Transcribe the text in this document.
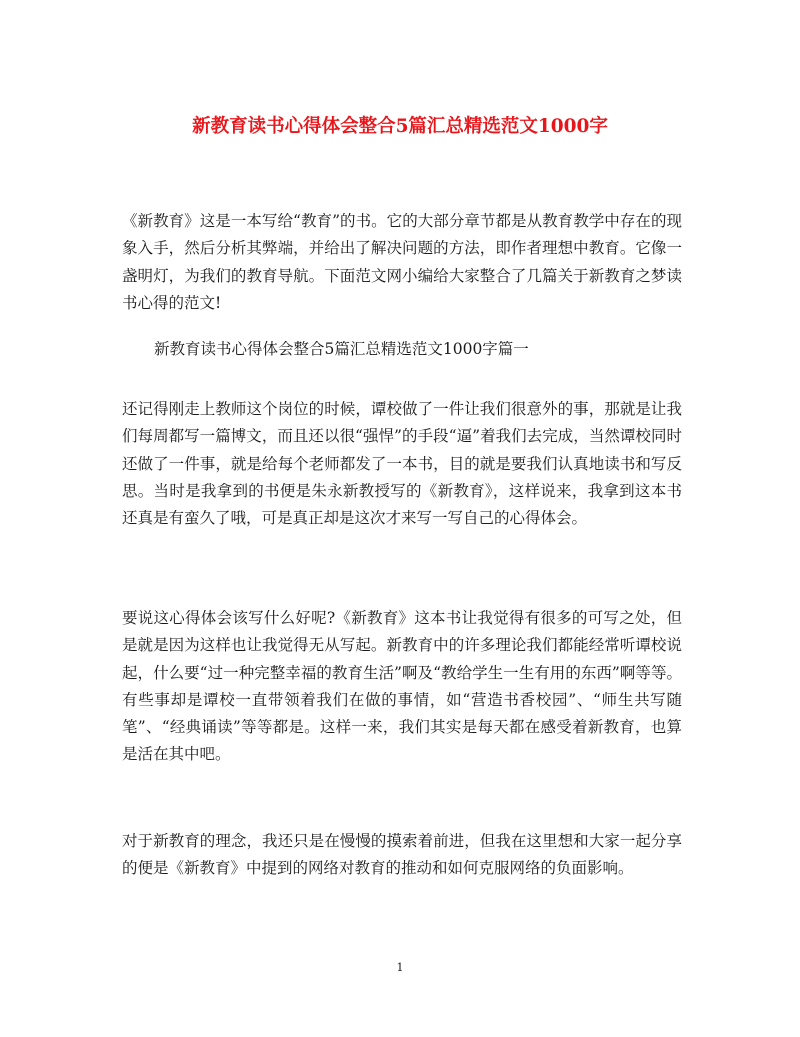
新教育读书心得体会整合5篇汇总精选范文1000字

《新教育》这是一本写给“教育”的书。它的大部分章节都是从教育教学中存在的现象入手，然后分析其弊端，并给出了解决问题的方法，即作者理想中教育。它像一盏明灯，为我们的教育导航。下面范文网小编给大家整合了几篇关于新教育之梦读书心得的范文!

新教育读书心得体会整合5篇汇总精选范文1000字篇一

还记得刚走上教师这个岗位的时候，谭校做了一件让我们很意外的事，那就是让我们每周都写一篇博文，而且还以很“强悍”的手段“逼”着我们去完成，当然谭校同时还做了一件事，就是给每个老师都发了一本书，目的就是要我们认真地读书和写反思。当时是我拿到的书便是朱永新教授写的《新教育》，这样说来，我拿到这本书还真是有蛮久了哦，可是真正却是这次才来写一写自己的心得体会。

要说这心得体会该写什么好呢?《新教育》这本书让我觉得有很多的可写之处，但是就是因为这样也让我觉得无从写起。新教育中的许多理论我们都能经常听谭校说起，什么要“过一种完整幸福的教育生活”啊及“教给学生一生有用的东西”啊等等。有些事却是谭校一直带领着我们在做的事情，如“营造书香校园”、“师生共写随笔”、“经典诵读”等等都是。这样一来，我们其实是每天都在感受着新教育，也算是活在其中吧。

对于新教育的理念，我还只是在慢慢的摸索着前进，但我在这里想和大家一起分享的便是《新教育》中提到的网络对教育的推动和如何克服网络的负面影响。

1
